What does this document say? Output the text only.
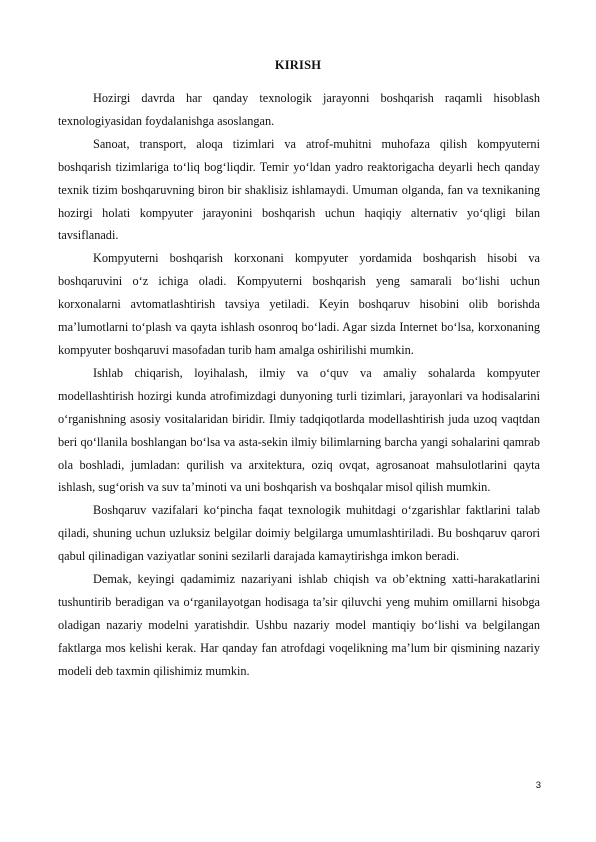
KIRISH

Hozirgi davrda har qanday texnologik jarayonni boshqarish raqamli hisoblash texnologiyasidan foydalanishga asoslangan.

Sanoat, transport, aloqa tizimlari va atrof-muhitni muhofaza qilish kompyuterni boshqarish tizimlariga to‘liq bog‘liqdir. Temir yo‘ldan yadro reaktorigacha deyarli hech qanday texnik tizim boshqaruvning biron bir shaklisiz ishlamaydi. Umuman olganda, fan va texnikaning hozirgi holati kompyuter jarayonini boshqarish uchun haqiqiy alternativ yo‘qligi bilan tavsiflanadi.

Kompyuterni boshqarish korxonani kompyuter yordamida boshqarish hisobi va boshqaruvini o‘z ichiga oladi. Kompyuterni boshqarish yeng samarali bo‘lishi uchun korxonalarni avtomatlashtirish tavsiya yetiladi. Keyin boshqaruv hisobini olib borishda ma’lumotlarni to‘plash va qayta ishlash osonroq bo‘ladi. Agar sizda Internet bo‘lsa, korxonaning kompyuter boshqaruvi masofadan turib ham amalga oshirilishi mumkin.

Ishlab chiqarish, loyihalash, ilmiy va o‘quv va amaliy sohalarda kompyuter modellashtirish hozirgi kunda atrofimizdagi dunyoning turli tizimlari, jarayonlari va hodisalarini o‘rganishning asosiy vositalaridan biridir. Ilmiy tadqiqotlarda modellashtirish juda uzoq vaqtdan beri qo‘llanila boshlangan bo‘lsa va asta-sekin ilmiy bilimlarning barcha yangi sohalarini qamrab ola boshladi, jumladan: qurilish va arxitektura, oziq ovqat, agrosanoat mahsulotlarini qayta ishlash, sug‘orish va suv ta’minoti va uni boshqarish va boshqalar misol qilish mumkin.

Boshqaruv vazifalari ko‘pincha faqat texnologik muhitdagi o‘zgarishlar faktlarini talab qiladi, shuning uchun uzluksiz belgilar doimiy belgilarga umumlashtiriladi. Bu boshqaruv qarori qabul qilinadigan vaziyatlar sonini sezilarli darajada kamaytirishga imkon beradi.

Demak, keyingi qadamimiz nazariyani ishlab chiqish va ob’ektning xatti-harakatlarini tushuntirib beradigan va o‘rganilayotgan hodisaga ta’sir qiluvchi yeng muhim omillarni hisobga oladigan nazariy modelni yaratishdir. Ushbu nazariy model mantiqiy bo‘lishi va belgilangan faktlarga mos kelishi kerak. Har qanday fan atrofdagi voqelikning ma’lum bir qismining nazariy modeli deb taxmin qilishimiz mumkin.

3
